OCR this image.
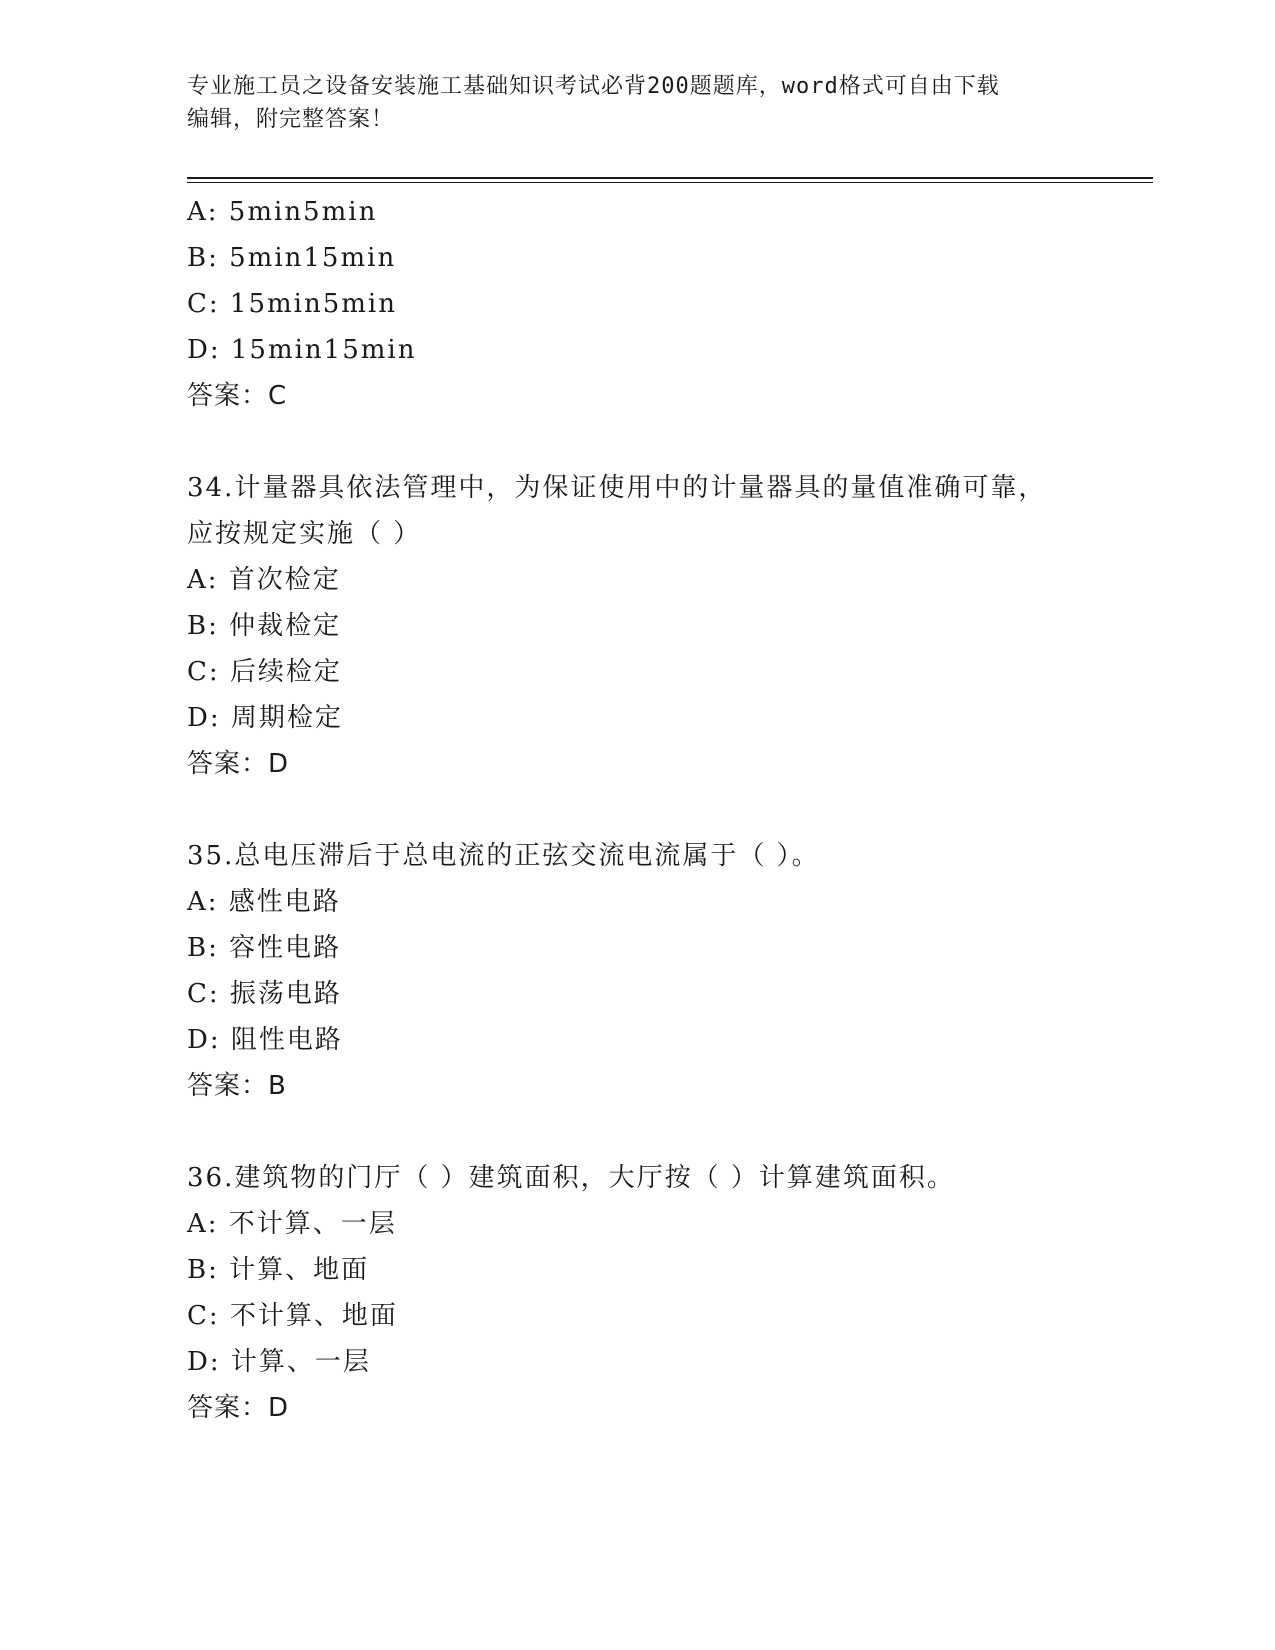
专业施工员之设备安装施工基础知识考试必背200题题库，word格式可自由下载
编辑，附完整答案！
A: 5min5min
B: 5min15min
C: 15min5min
D: 15min15min
答案：C
34.计量器具依法管理中，为保证使用中的计量器具的量值准确可靠，
应按规定实施（ ）
A: 首次检定
B: 仲裁检定
C: 后续检定
D: 周期检定
答案：D
35.总电压滞后于总电流的正弦交流电流属于（ ）。
A: 感性电路
B: 容性电路
C: 振荡电路
D: 阻性电路
答案：B
36.建筑物的门厅（ ）建筑面积，大厅按（ ）计算建筑面积。
A: 不计算、一层
B: 计算、地面
C: 不计算、地面
D: 计算、一层
答案：D
